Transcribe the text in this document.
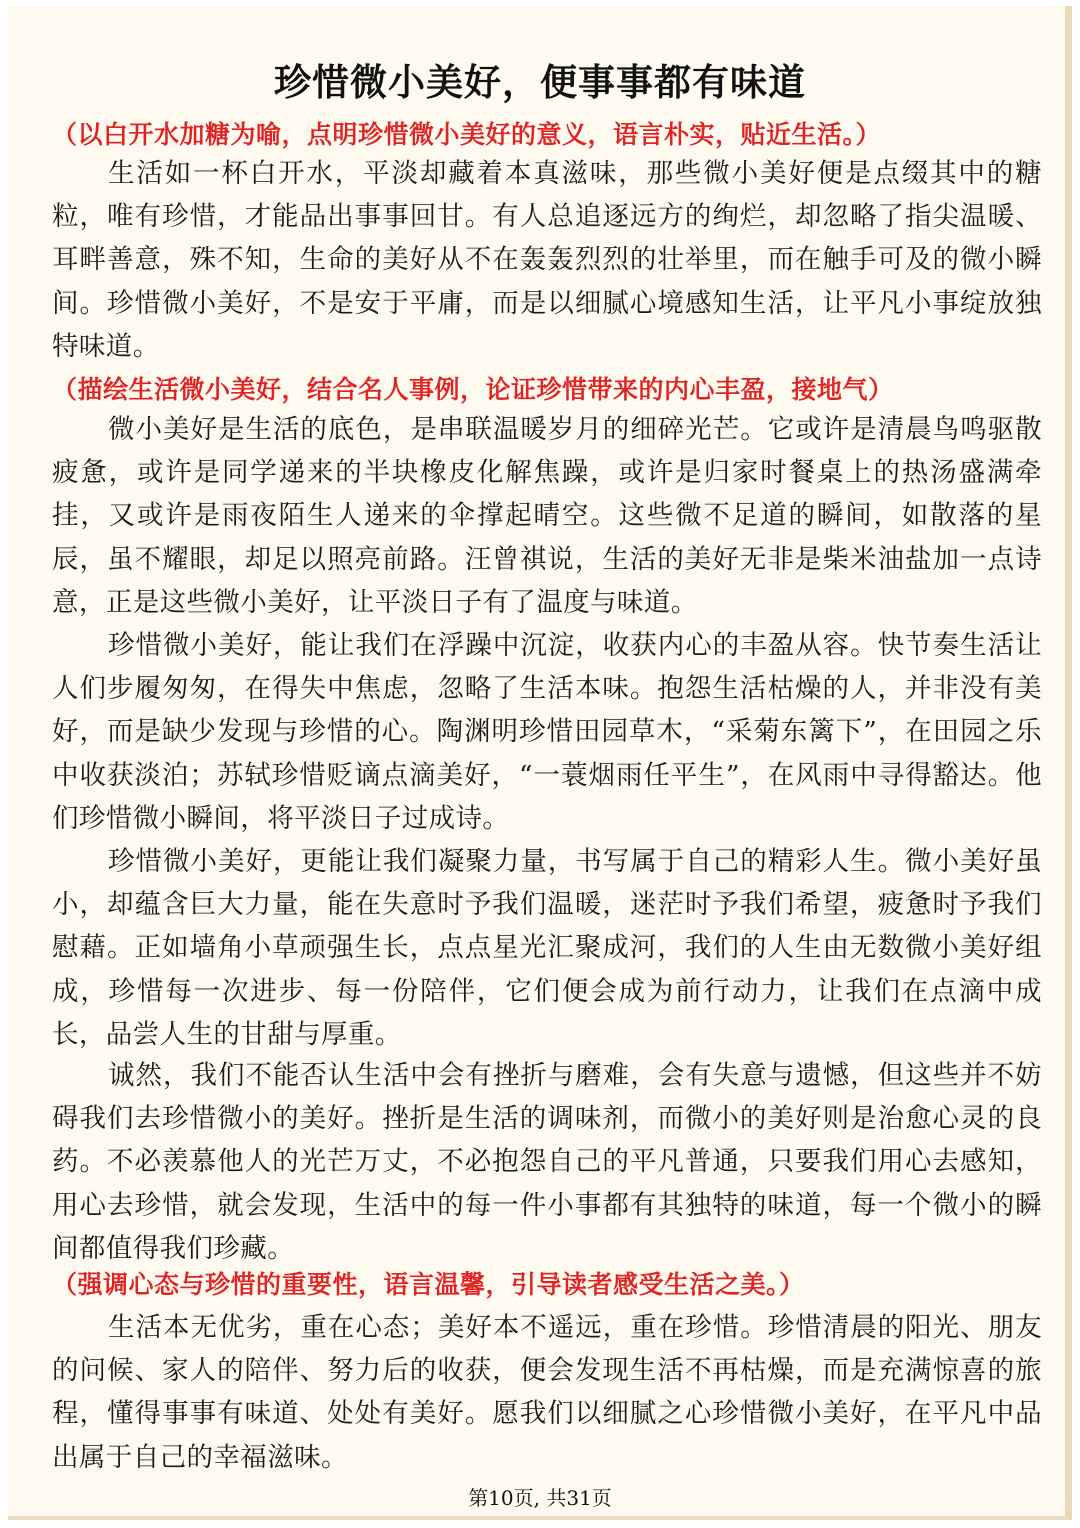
珍惜微小美好，便事事都有味道
（以白开水加糖为喻，点明珍惜微小美好的意义，语言朴实，贴近生活。）

生活如一杯白开水，平淡却藏着本真滋味，那些微小美好便是点缀其中的糖粒，唯有珍惜，才能品出事事回甘。有人总追逐远方的绚烂，却忽略了指尖温暖、耳畔善意，殊不知，生命的美好从不在轰轰烈烈的壮举里，而在触手可及的微小瞬间。珍惜微小美好，不是安于平庸，而是以细腻心境感知生活，让平凡小事绽放独特味道。

（描绘生活微小美好，结合名人事例，论证珍惜带来的内心丰盈，接地气）

微小美好是生活的底色，是串联温暖岁月的细碎光芒。它或许是清晨鸟鸣驱散疲惫，或许是同学递来的半块橡皮化解焦躁，或许是归家时餐桌上的热汤盛满牵挂，又或许是雨夜陌生人递来的伞撑起晴空。这些微不足道的瞬间，如散落的星辰，虽不耀眼，却足以照亮前路。汪曾祺说，生活的美好无非是柴米油盐加一点诗意，正是这些微小美好，让平淡日子有了温度与味道。

珍惜微小美好，能让我们在浮躁中沉淀，收获内心的丰盈从容。快节奏生活让人们步履匆匆，在得失中焦虑，忽略了生活本味。抱怨生活枯燥的人，并非没有美好，而是缺少发现与珍惜的心。陶渊明珍惜田园草木，“采菊东篱下”，在田园之乐中收获淡泊；苏轼珍惜贬谪点滴美好，“一蓑烟雨任平生”，在风雨中寻得豁达。他们珍惜微小瞬间，将平淡日子过成诗。

珍惜微小美好，更能让我们凝聚力量，书写属于自己的精彩人生。微小美好虽小，却蕴含巨大力量，能在失意时予我们温暖，迷茫时予我们希望，疲惫时予我们慰藉。正如墙角小草顽强生长，点点星光汇聚成河，我们的人生由无数微小美好组成，珍惜每一次进步、每一份陪伴，它们便会成为前行动力，让我们在点滴中成长，品尝人生的甘甜与厚重。

诚然，我们不能否认生活中会有挫折与磨难，会有失意与遗憾，但这些并不妨碍我们去珍惜微小的美好。挫折是生活的调味剂，而微小的美好则是治愈心灵的良药。不必羡慕他人的光芒万丈，不必抱怨自己的平凡普通，只要我们用心去感知，用心去珍惜，就会发现，生活中的每一件小事都有其独特的味道，每一个微小的瞬间都值得我们珍藏。

（强调心态与珍惜的重要性，语言温馨，引导读者感受生活之美。）

生活本无优劣，重在心态；美好本不遥远，重在珍惜。珍惜清晨的阳光、朋友的问候、家人的陪伴、努力后的收获，便会发现生活不再枯燥，而是充满惊喜的旅程，懂得事事有味道、处处有美好。愿我们以细腻之心珍惜微小美好，在平凡中品出属于自己的幸福滋味。

第10页, 共31页
